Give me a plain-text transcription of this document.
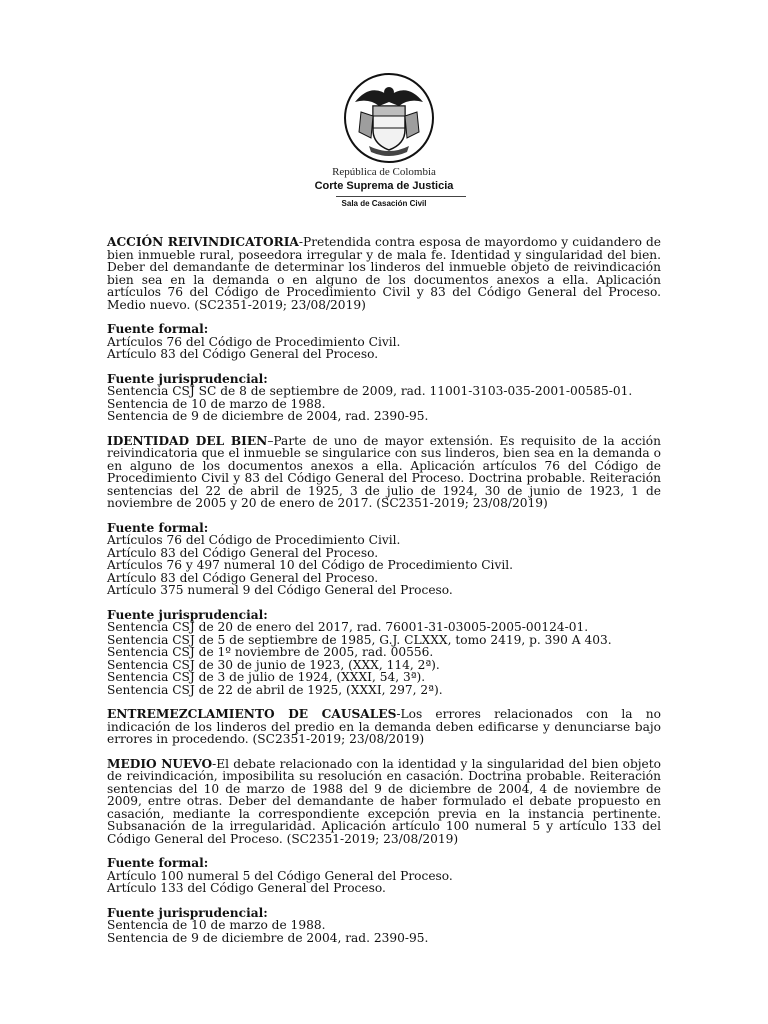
República de Colombia
Corte Suprema de Justicia
Sala de Casación Civil

ACCIÓN REIVINDICATORIA-Pretendida contra esposa de mayordomo y cuidandero de bien inmueble rural, poseedora irregular y de mala fe. Identidad y singularidad del bien. Deber del demandante de determinar los linderos del inmueble objeto de reivindicación bien sea en la demanda o en alguno de los documentos anexos a ella. Aplicación artículos 76 del Código de Procedimiento Civil y 83 del Código General del Proceso. Medio nuevo. (SC2351-2019; 23/08/2019)

Fuente formal:

Artículos 76 del Código de Procedimiento Civil.

Artículo 83 del Código General del Proceso.

Fuente jurisprudencial:

Sentencia CSJ SC de 8 de septiembre de 2009, rad. 11001-3103-035-2001-00585-01.

Sentencia de 10 de marzo de 1988.

Sentencia de 9 de diciembre de 2004, rad. 2390-95.

IDENTIDAD DEL BIEN–Parte de uno de mayor extensión. Es requisito de la acción reivindicatoria que el inmueble se singularice con sus linderos, bien sea en la demanda o en alguno de los documentos anexos a ella. Aplicación artículos 76 del Código de Procedimiento Civil y 83 del Código General del Proceso. Doctrina probable. Reiteración sentencias del 22 de abril de 1925, 3 de julio de 1924, 30 de junio de 1923, 1 de noviembre de 2005 y 20 de enero de 2017. (SC2351-2019; 23/08/2019)

Fuente formal:

Artículos 76 del Código de Procedimiento Civil.

Artículo 83 del Código General del Proceso.

Artículos 76 y 497 numeral 10 del Código de Procedimiento Civil.

Artículo 83 del Código General del Proceso.

Artículo 375 numeral 9 del Código General del Proceso.

Fuente jurisprudencial:

Sentencia CSJ de 20 de enero del 2017, rad. 76001-31-03005-2005-00124-01.

Sentencia CSJ de 5 de septiembre de 1985, G.J. CLXXX, tomo 2419, p. 390 A 403.

Sentencia CSJ de 1º noviembre de 2005, rad. 00556.

Sentencia CSJ de 30 de junio de 1923, (XXX, 114, 2ª).

Sentencia CSJ de 3 de julio de 1924, (XXXI, 54, 3ª).

Sentencia CSJ de 22 de abril de 1925, (XXXI, 297, 2ª).

ENTREMEZCLAMIENTO DE CAUSALES-Los errores relacionados con la no indicación de los linderos del predio en la demanda deben edificarse y denunciarse bajo errores in procedendo. (SC2351-2019; 23/08/2019)

MEDIO NUEVO-El debate relacionado con la identidad y la singularidad del bien objeto de reivindicación, imposibilita su resolución en casación. Doctrina probable. Reiteración sentencias del 10 de marzo de 1988 del 9 de diciembre de 2004, 4 de noviembre de 2009, entre otras. Deber del demandante de haber formulado el debate propuesto en casación, mediante la correspondiente excepción previa en la instancia pertinente. Subsanación de la irregularidad. Aplicación artículo 100 numeral 5 y artículo 133 del Código General del Proceso. (SC2351-2019; 23/08/2019)

Fuente formal:

Artículo 100 numeral 5 del Código General del Proceso.

Artículo 133 del Código General del Proceso.

Fuente jurisprudencial:

Sentencia de 10 de marzo de 1988.

Sentencia de 9 de diciembre de 2004, rad. 2390-95.
